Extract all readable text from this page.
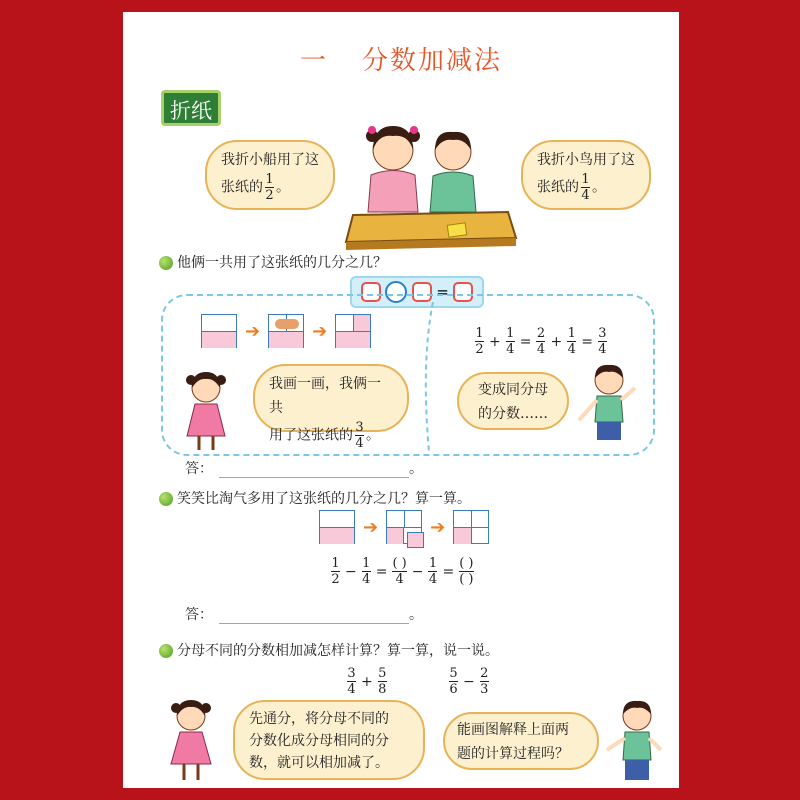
一 分数加减法
折纸
我折小船用了这
张纸的 $\frac{1}{2}$ 。
我折小鸟用了这
张纸的 $\frac{1}{4}$ 。
他俩一共用了这张纸的几分之几？
=
➔	➔	$\frac{1}{2} + \frac{1}{4} = \frac{2}{4} + \frac{1}{4} = \frac{3}{4}$
我画一画，我俩一共
用了这张纸的 $\frac{3}{4}$ 。
变成同分母
的分数……
答：	。
笑笑比淘气多用了这张纸的几分之几？算一算。
➔	➔
$\frac{1}{2} - \frac{1}{4} = \frac{( )}{4} - \frac{1}{4} = \frac{( )}{( )}$
答：	。
分母不同的分数相加减怎样计算？算一算，说一说。
$\frac{3}{4} + \frac{5}{8}$	$\frac{5}{6} - \frac{2}{3}$
先通分，将分母不同的
分数化成分母相同的分
数，就可以相加减了。
能画图解释上面两
题的计算过程吗？
